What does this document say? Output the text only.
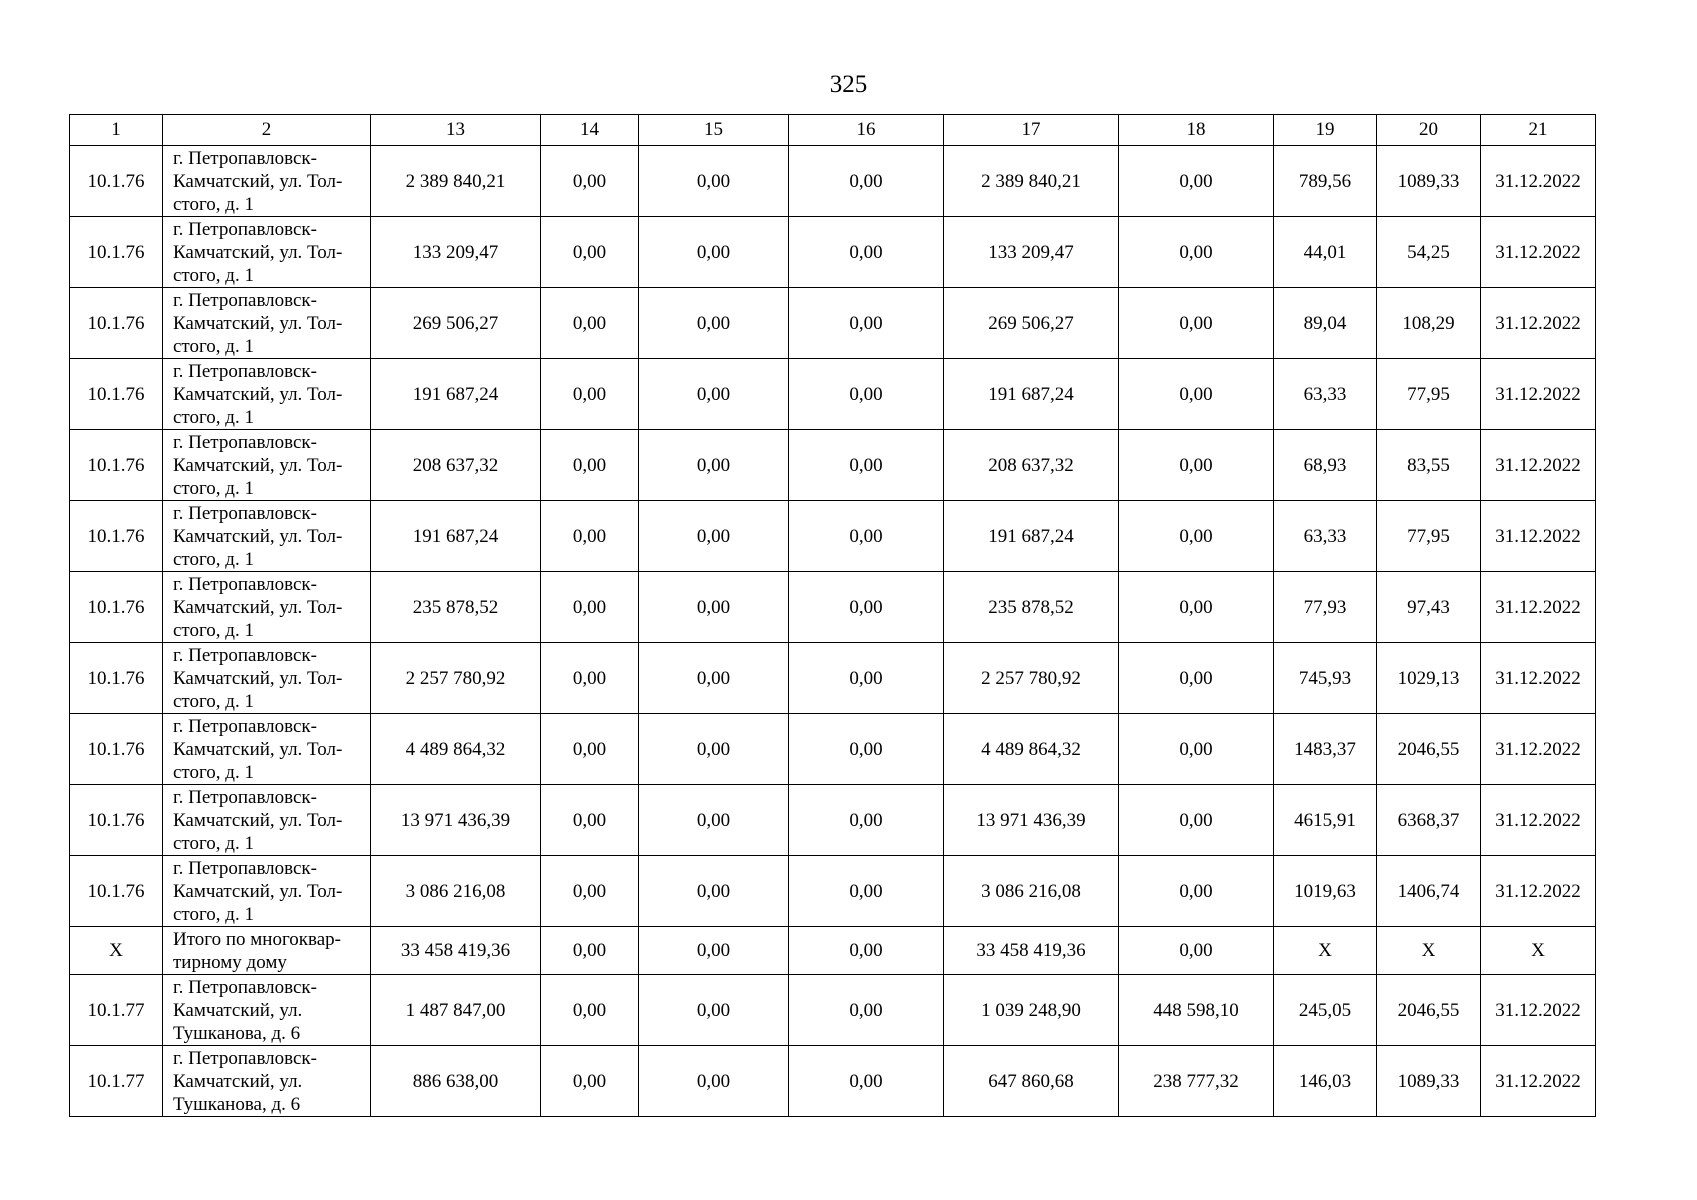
325
1	2	13	14	15	16	17	18	19	20	21
10.1.76	г. Петропавловск-
Камчатский, ул. Тол-
стого, д. 1	2 389 840,21	0,00	0,00	0,00	2 389 840,21	0,00	789,56	1089,33	31.12.2022
10.1.76	г. Петропавловск-
Камчатский, ул. Тол-
стого, д. 1	133 209,47	0,00	0,00	0,00	133 209,47	0,00	44,01	54,25	31.12.2022
10.1.76	г. Петропавловск-
Камчатский, ул. Тол-
стого, д. 1	269 506,27	0,00	0,00	0,00	269 506,27	0,00	89,04	108,29	31.12.2022
10.1.76	г. Петропавловск-
Камчатский, ул. Тол-
стого, д. 1	191 687,24	0,00	0,00	0,00	191 687,24	0,00	63,33	77,95	31.12.2022
10.1.76	г. Петропавловск-
Камчатский, ул. Тол-
стого, д. 1	208 637,32	0,00	0,00	0,00	208 637,32	0,00	68,93	83,55	31.12.2022
10.1.76	г. Петропавловск-
Камчатский, ул. Тол-
стого, д. 1	191 687,24	0,00	0,00	0,00	191 687,24	0,00	63,33	77,95	31.12.2022
10.1.76	г. Петропавловск-
Камчатский, ул. Тол-
стого, д. 1	235 878,52	0,00	0,00	0,00	235 878,52	0,00	77,93	97,43	31.12.2022
10.1.76	г. Петропавловск-
Камчатский, ул. Тол-
стого, д. 1	2 257 780,92	0,00	0,00	0,00	2 257 780,92	0,00	745,93	1029,13	31.12.2022
10.1.76	г. Петропавловск-
Камчатский, ул. Тол-
стого, д. 1	4 489 864,32	0,00	0,00	0,00	4 489 864,32	0,00	1483,37	2046,55	31.12.2022
10.1.76	г. Петропавловск-
Камчатский, ул. Тол-
стого, д. 1	13 971 436,39	0,00	0,00	0,00	13 971 436,39	0,00	4615,91	6368,37	31.12.2022
10.1.76	г. Петропавловск-
Камчатский, ул. Тол-
стого, д. 1	3 086 216,08	0,00	0,00	0,00	3 086 216,08	0,00	1019,63	1406,74	31.12.2022
X	Итого по многоквар-
тирному дому	33 458 419,36	0,00	0,00	0,00	33 458 419,36	0,00	X	X	X
10.1.77	г. Петропавловск-
Камчатский, ул.
Тушканова, д. 6	1 487 847,00	0,00	0,00	0,00	1 039 248,90	448 598,10	245,05	2046,55	31.12.2022
10.1.77	г. Петропавловск-
Камчатский, ул.
Тушканова, д. 6	886 638,00	0,00	0,00	0,00	647 860,68	238 777,32	146,03	1089,33	31.12.2022
